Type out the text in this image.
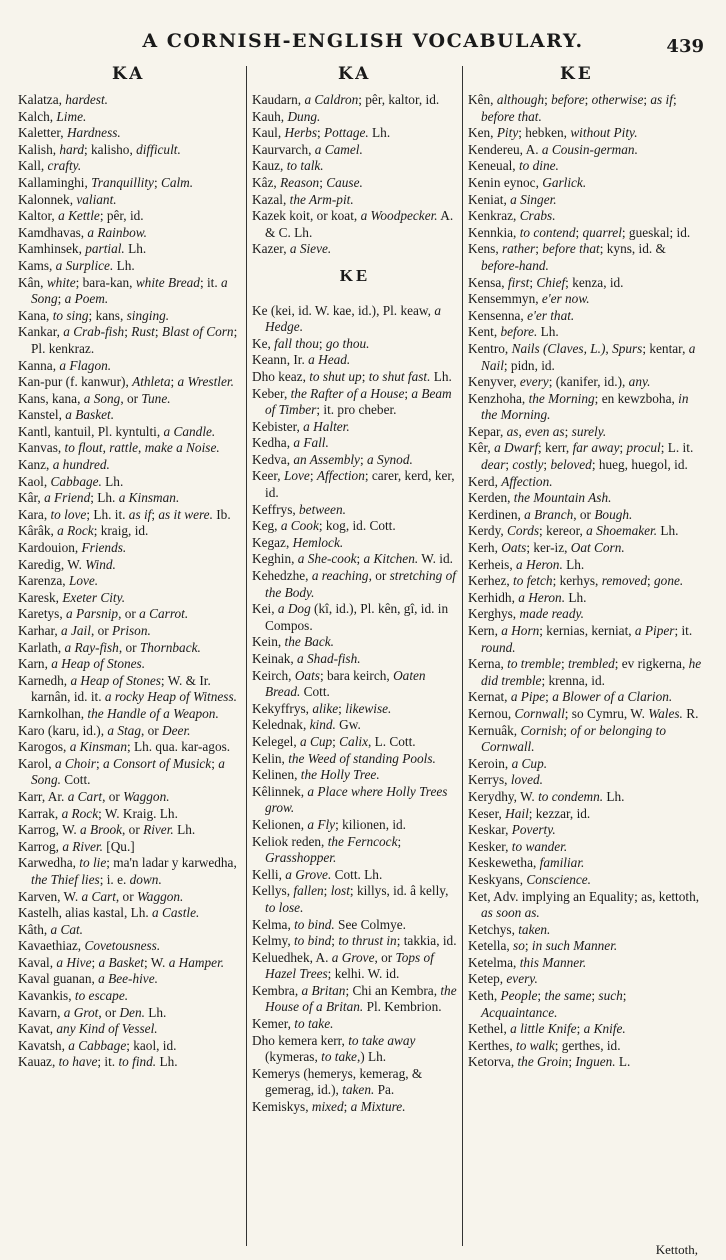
A CORNISH-ENGLISH VOCABULARY.	439
KA	KA	KE

Kalatza, hardest.

Kalch, Lime.

Kaletter, Hardness.

Kalish, hard; kalisho, difficult.

Kall, crafty.

Kallaminghi, Tranquillity; Calm.

Kalonnek, valiant.

Kaltor, a Kettle; pêr, id.

Kamdhavas, a Rainbow.

Kamhinsek, partial. Lh.

Kams, a Surplice. Lh.

Kân, white; bara-kan, white Bread; it. a Song; a Poem.

Kana, to sing; kans, singing.

Kankar, a Crab-fish; Rust; Blast of Corn; Pl. kenkraz.

Kanna, a Flagon.

Kan-pur (f. kanwur), Athleta; a Wrestler.

Kans, kana, a Song, or Tune.

Kanstel, a Basket.

Kantl, kantuil, Pl. kyntulti, a Candle.

Kanvas, to flout, rattle, make a Noise.

Kanz, a hundred.

Kaol, Cabbage. Lh.

Kâr, a Friend; Lh. a Kinsman.

Kara, to love; Lh. it. as if; as it were. Ib.

Kârâk, a Rock; kraig, id.

Kardouion, Friends.

Karedig, W. Wind.

Karenza, Love.

Karesk, Exeter City.

Karetys, a Parsnip, or a Carrot.

Karhar, a Jail, or Prison.

Karlath, a Ray-fish, or Thornback.

Karn, a Heap of Stones.

Karnedh, a Heap of Stones; W. & Ir. karnân, id. it. a rocky Heap of Witness.

Karnkolhan, the Handle of a Weapon.

Karo (karu, id.), a Stag, or Deer.

Karogos, a Kinsman; Lh. qua. kar-agos.

Karol, a Choir; a Consort of Musick; a Song. Cott.

Karr, Ar. a Cart, or Waggon.

Karrak, a Rock; W. Kraig. Lh.

Karrog, W. a Brook, or River. Lh.

Karrog, a River. [Qu.]

Karwedha, to lie; ma'n ladar y karwedha, the Thief lies; i. e. down.

Karven, W. a Cart, or Waggon.

Kastelh, alias kastal, Lh. a Castle.

Kâth, a Cat.

Kavaethiaz, Covetousness.

Kaval, a Hive; a Basket; W. a Hamper.

Kaval guanan, a Bee-hive.

Kavankis, to escape.

Kavarn, a Grot, or Den. Lh.

Kavat, any Kind of Vessel.

Kavatsh, a Cabbage; kaol, id.

Kauaz, to have; it. to find. Lh.

Kaudarn, a Caldron; pêr, kaltor, id.

Kauh, Dung.

Kaul, Herbs; Pottage. Lh.

Kaurvarch, a Camel.

Kauz, to talk.

Kâz, Reason; Cause.

Kazal, the Arm-pit.

Kazek koit, or koat, a Woodpecker. A. & C. Lh.

Kazer, a Sieve.

KE

Ke (kei, id. W. kae, id.), Pl. keaw, a Hedge.

Ke, fall thou; go thou.

Keann, Ir. a Head.

Dho keaz, to shut up; to shut fast. Lh.

Keber, the Rafter of a House; a Beam of Timber; it. pro cheber.

Kebister, a Halter.

Kedha, a Fall.

Kedva, an Assembly; a Synod.

Keer, Love; Affection; carer, kerd, ker, id.

Keffrys, between.

Keg, a Cook; kog, id. Cott.

Kegaz, Hemlock.

Keghin, a She-cook; a Kitchen. W. id.

Kehedzhe, a reaching, or stretching of the Body.

Kei, a Dog (kî, id.), Pl. kên, gî, id. in Compos.

Kein, the Back.

Keinak, a Shad-fish.

Keirch, Oats; bara keirch, Oaten Bread. Cott.

Kekyffrys, alike; likewise.

Kelednak, kind. Gw.

Kelegel, a Cup; Calix, L. Cott.

Kelin, the Weed of standing Pools.

Kelinen, the Holly Tree.

Kêlinnek, a Place where Holly Trees grow.

Kelionen, a Fly; kilionen, id.

Keliok reden, the Ferncock; Grasshopper.

Kelli, a Grove. Cott. Lh.

Kellys, fallen; lost; killys, id. â kelly, to lose.

Kelma, to bind. See Colmye.

Kelmy, to bind; to thrust in; takkia, id.

Keluedhek, A. a Grove, or Tops of Hazel Trees; kelhi. W. id.

Kembra, a Britan; Chi an Kembra, the House of a Britan. Pl. Kembrion.

Kemer, to take.

Dho kemera kerr, to take away (kymeras, to take,) Lh.

Kemerys (hemerys, kemerag, & gemerag, id.), taken. Pa.

Kemiskys, mixed; a Mixture.

Kên, although; before; otherwise; as if; before that.

Ken, Pity; hebken, without Pity.

Kendereu, A. a Cousin-german.

Keneual, to dine.

Kenin eynoc, Garlick.

Keniat, a Singer.

Kenkraz, Crabs.

Kennkia, to contend; quarrel; gueskal; id.

Kens, rather; before that; kyns, id. & before-hand.

Kensa, first; Chief; kenza, id.

Kensemmyn, e'er now.

Kensenna, e'er that.

Kent, before. Lh.

Kentro, Nails (Claves, L.), Spurs; kentar, a Nail; pidn, id.

Kenyver, every; (kanifer, id.), any.

Kenzhoha, the Morning; en kewzboha, in the Morning.

Kepar, as, even as; surely.

Kêr, a Dwarf; kerr, far away; procul; L. it. dear; costly; beloved; hueg, huegol, id.

Kerd, Affection.

Kerden, the Mountain Ash.

Kerdinen, a Branch, or Bough.

Kerdy, Cords; kereor, a Shoemaker. Lh.

Kerh, Oats; ker-iz, Oat Corn.

Kerheis, a Heron. Lh.

Kerhez, to fetch; kerhys, removed; gone.

Kerhidh, a Heron. Lh.

Kerghys, made ready.

Kern, a Horn; kernias, kerniat, a Piper; it. round.

Kerna, to tremble; trembled; ev rigkerna, he did tremble; krenna, id.

Kernat, a Pipe; a Blower of a Clarion.

Kernou, Cornwall; so Cymru, W. Wales. R.

Kernuâk, Cornish; of or belonging to Cornwall.

Keroin, a Cup.

Kerrys, loved.

Kerydhy, W. to condemn. Lh.

Keser, Hail; kezzar, id.

Keskar, Poverty.

Kesker, to wander.

Keskewetha, familiar.

Keskyans, Conscience.

Ket, Adv. implying an Equality; as, kettoth, as soon as.

Ketchys, taken.

Ketella, so; in such Manner.

Ketelma, this Manner.

Ketep, every.

Keth, People; the same; such; Acquaintance.

Kethel, a little Knife; a Knife.

Kerthes, to walk; gerthes, id.

Ketorva, the Groin; Inguen. L.

Kettoth,
